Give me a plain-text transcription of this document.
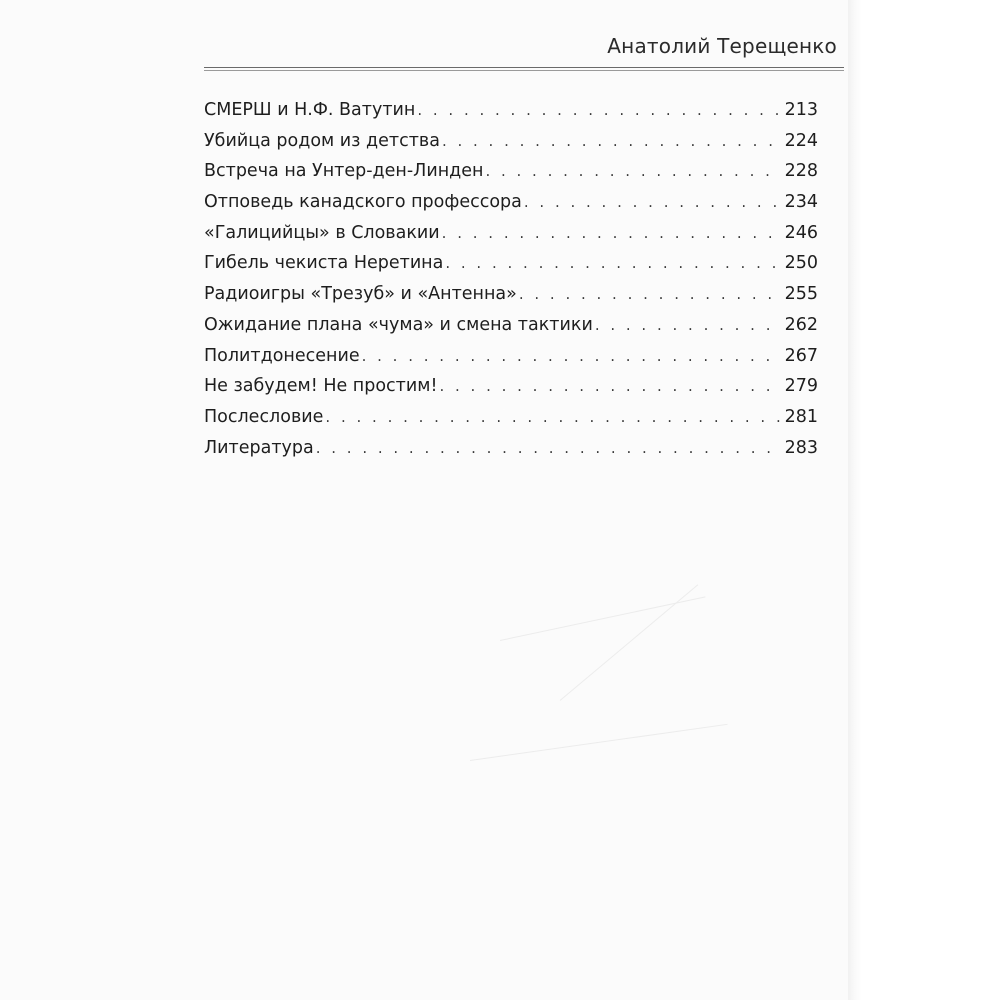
Анатолий Терещенко
СМЕРШ и Н.Ф. Ватутин . . .	213
Убийца родом из детства . . .	224
Встреча на Унтер-ден-Линден . . .	228
Отповедь канадского профессора . . .	234
«Галицийцы» в Словакии . . .	246
Гибель чекиста Неретина . . .	250
Радиоигры «Трезуб» и «Антенна» . . .	255
Ожидание плана «чума» и смена тактики . . .	262
Политдонесение . . .	267
Не забудем! Не простим! . . .	279
Послесловие . . .	281
Литература . . .	283
